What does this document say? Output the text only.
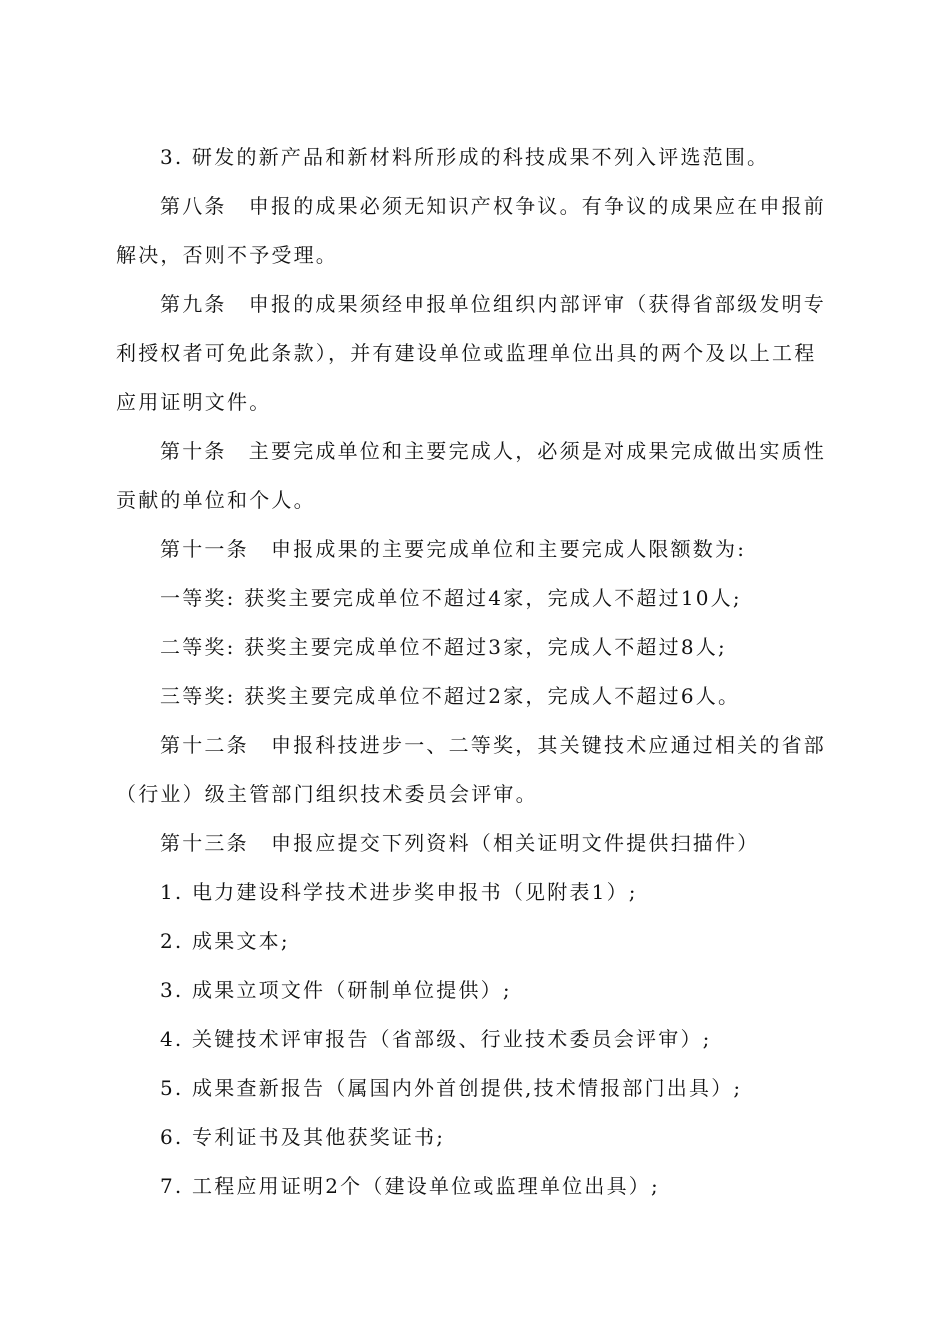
3. 研发的新产品和新材料所形成的科技成果不列入评选范围。
第八条　申报的成果必须无知识产权争议。有争议的成果应在申报前
解决，否则不予受理。
第九条　申报的成果须经申报单位组织内部评审（获得省部级发明专
利授权者可免此条款），并有建设单位或监理单位出具的两个及以上工程
应用证明文件。
第十条　主要完成单位和主要完成人，必须是对成果完成做出实质性
贡献的单位和个人。
第十一条　申报成果的主要完成单位和主要完成人限额数为:
一等奖: 获奖主要完成单位不超过4家，完成人不超过10人;
二等奖: 获奖主要完成单位不超过3家，完成人不超过8人;
三等奖: 获奖主要完成单位不超过2家，完成人不超过6人。
第十二条　申报科技进步一、二等奖，其关键技术应通过相关的省部
（行业）级主管部门组织技术委员会评审。
第十三条　申报应提交下列资料（相关证明文件提供扫描件）
1. 电力建设科学技术进步奖申报书（见附表1）;
2. 成果文本;
3. 成果立项文件（研制单位提供）;
4. 关键技术评审报告（省部级、行业技术委员会评审）;
5. 成果查新报告（属国内外首创提供,技术情报部门出具）;
6. 专利证书及其他获奖证书;
7. 工程应用证明2个（建设单位或监理单位出具）;
